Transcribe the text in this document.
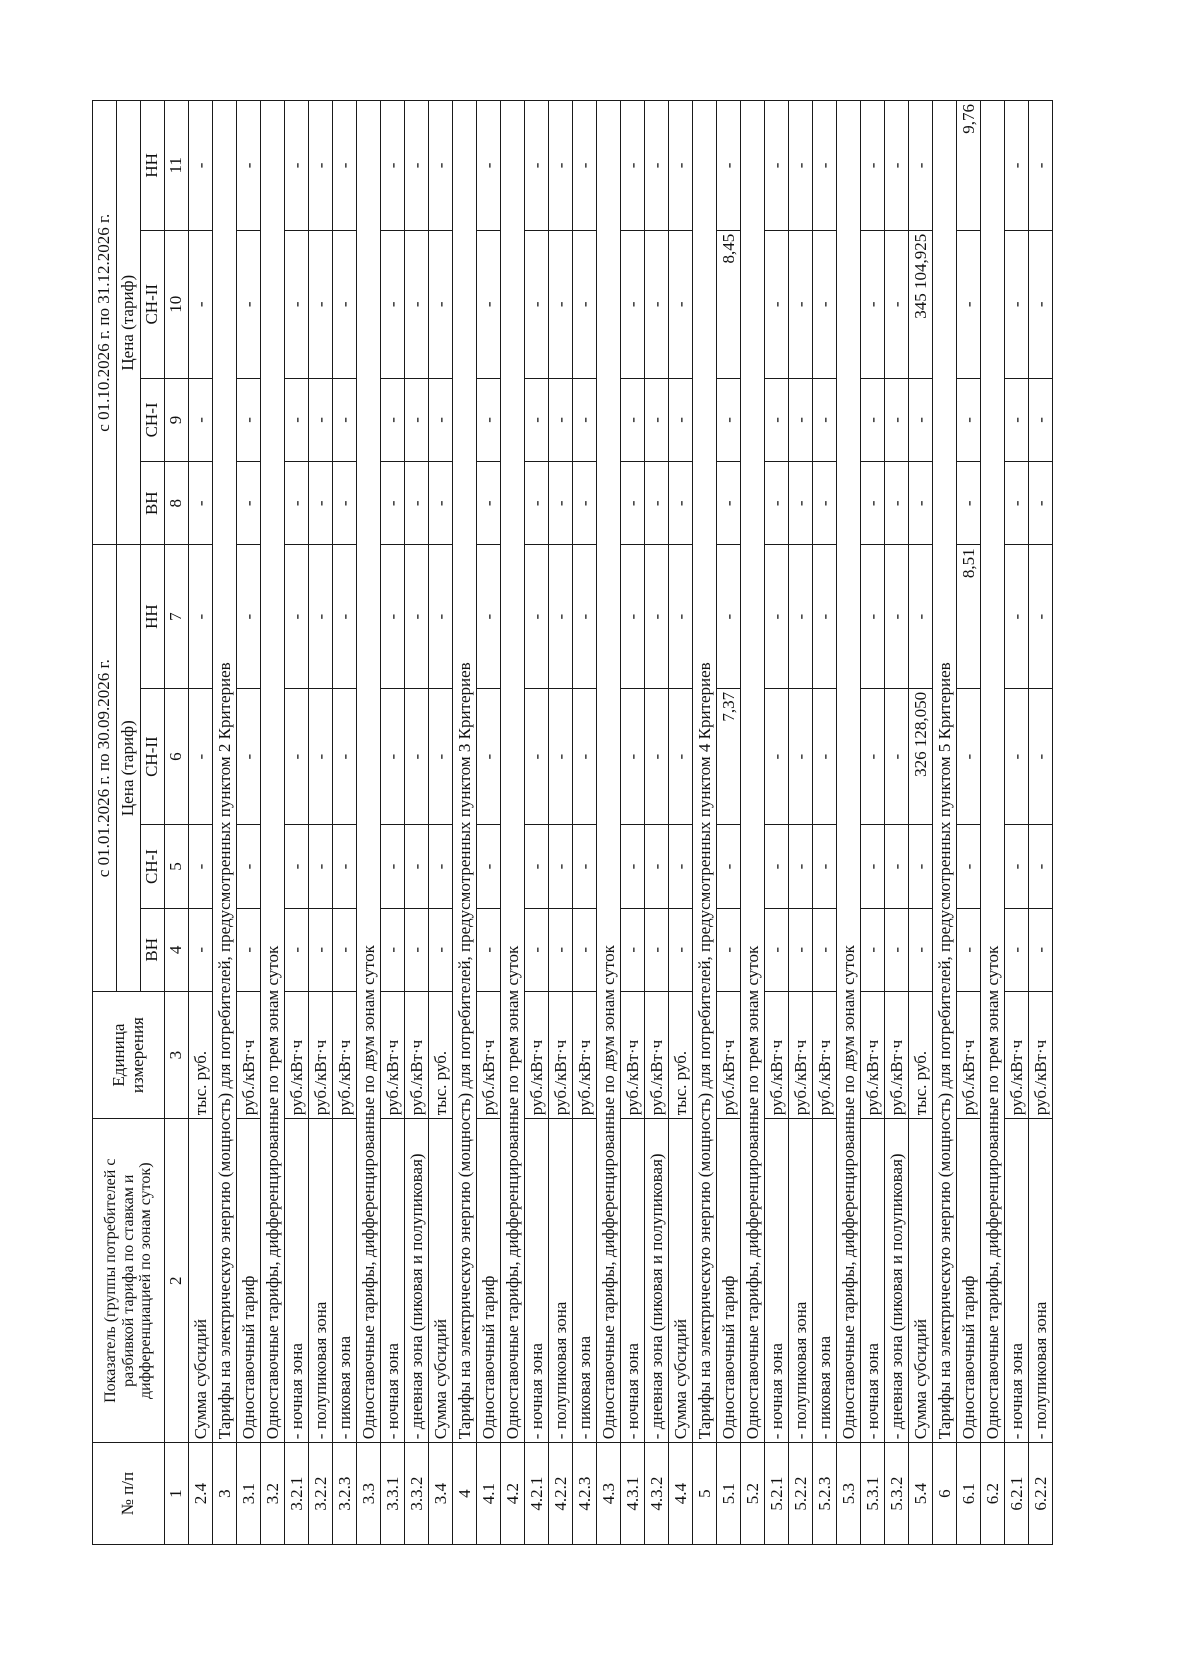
№ п/п	Показатель (группы потребителей с разбивкой тарифа по ставкам и дифференциацией по зонам суток)	Единица измерения	с 01.01.2026 г. по 30.09.2026 г.				с 01.10.2026 г. по 31.12.2026 г.			
			Цена (тариф)				Цена (тариф)			
			ВН	СН-I	СН-II	НН	ВН	СН-I	СН-II	НН
1	2	3	4	5	6	7	8	9	10	11
2.4	Сумма субсидий	тыс. руб.	-	-	-	-	-	-	-	-
3	Тарифы на электрическую энергию (мощность) для потребителей, предусмотренных пунктом 2 Критериев									
3.1	Одноставочный тариф	руб./кВт·ч	-	-	-	-	-	-	-	-
3.2	Одноставочные тарифы, дифференцированные по трем зонам суток									
3.2.1	- ночная зона	руб./кВт·ч	-	-	-	-	-	-	-	-
3.2.2	- полупиковая зона	руб./кВт·ч	-	-	-	-	-	-	-	-
3.2.3	- пиковая зона	руб./кВт·ч	-	-	-	-	-	-	-	-
3.3	Одноставочные тарифы, дифференцированные по двум зонам суток									
3.3.1	- ночная зона	руб./кВт·ч	-	-	-	-	-	-	-	-
3.3.2	- дневная зона (пиковая и полупиковая)	руб./кВт·ч	-	-	-	-	-	-	-	-
3.4	Сумма субсидий	тыс. руб.	-	-	-	-	-	-	-	-
4	Тарифы на электрическую энергию (мощность) для потребителей, предусмотренных пунктом 3 Критериев									
4.1	Одноставочный тариф	руб./кВт·ч	-	-	-	-	-	-	-	-
4.2	Одноставочные тарифы, дифференцированные по трем зонам суток									
4.2.1	- ночная зона	руб./кВт·ч	-	-	-	-	-	-	-	-
4.2.2	- полупиковая зона	руб./кВт·ч	-	-	-	-	-	-	-	-
4.2.3	- пиковая зона	руб./кВт·ч	-	-	-	-	-	-	-	-
4.3	Одноставочные тарифы, дифференцированные по двум зонам суток									
4.3.1	- ночная зона	руб./кВт·ч	-	-	-	-	-	-	-	-
4.3.2	- дневная зона (пиковая и полупиковая)	руб./кВт·ч	-	-	-	-	-	-	-	-
4.4	Сумма субсидий	тыс. руб.	-	-	-	-	-	-	-	-
5	Тарифы на электрическую энергию (мощность) для потребителей, предусмотренных пунктом 4 Критериев									
5.1	Одноставочный тариф	руб./кВт·ч	-	-	7,37	-	-	-	8,45	-
5.2	Одноставочные тарифы, дифференцированные по трем зонам суток									
5.2.1	- ночная зона	руб./кВт·ч	-	-	-	-	-	-	-	-
5.2.2	- полупиковая зона	руб./кВт·ч	-	-	-	-	-	-	-	-
5.2.3	- пиковая зона	руб./кВт·ч	-	-	-	-	-	-	-	-
5.3	Одноставочные тарифы, дифференцированные по двум зонам суток									
5.3.1	- ночная зона	руб./кВт·ч	-	-	-	-	-	-	-	-
5.3.2	- дневная зона (пиковая и полупиковая)	руб./кВт·ч	-	-	-	-	-	-	-	-
5.4	Сумма субсидий	тыс. руб.	-	-	326 128,050	-	-	-	345 104,925	-
6	Тарифы на электрическую энергию (мощность) для потребителей, предусмотренных пунктом 5 Критериев									
6.1	Одноставочный тариф	руб./кВт·ч	-	-	-	8,51	-	-	-	9,76
6.2	Одноставочные тарифы, дифференцированные по трем зонам суток									
6.2.1	- ночная зона	руб./кВт·ч	-	-	-	-	-	-	-	-
6.2.2	- полупиковая зона	руб./кВт·ч	-	-	-	-	-	-	-	-
